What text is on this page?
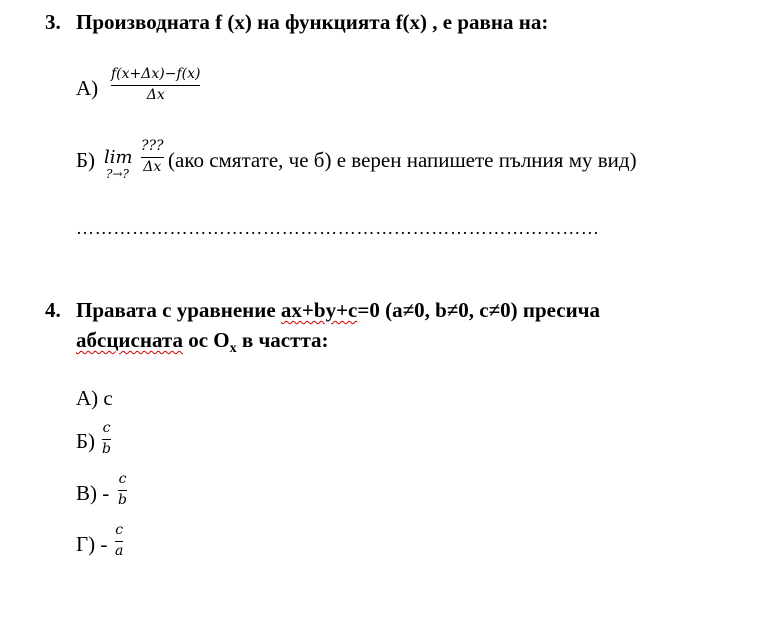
3. Производната f (x) на функцията f(x) , е равна на:
А)
f(x+Δx)−f(x)
Δx
Б) lim
?→?
???
Δx (ако смятате, че б) е верен напишете пълния му вид)
…………………………………………………………………………
4. Правата с уравнение ax+by+c=0 (a≠0, b≠0, c≠0) пресича
абсцисната ос $O_x$ в частта:
А) с
Б)
c
b
В) -
c
b
Г) -
c
a
